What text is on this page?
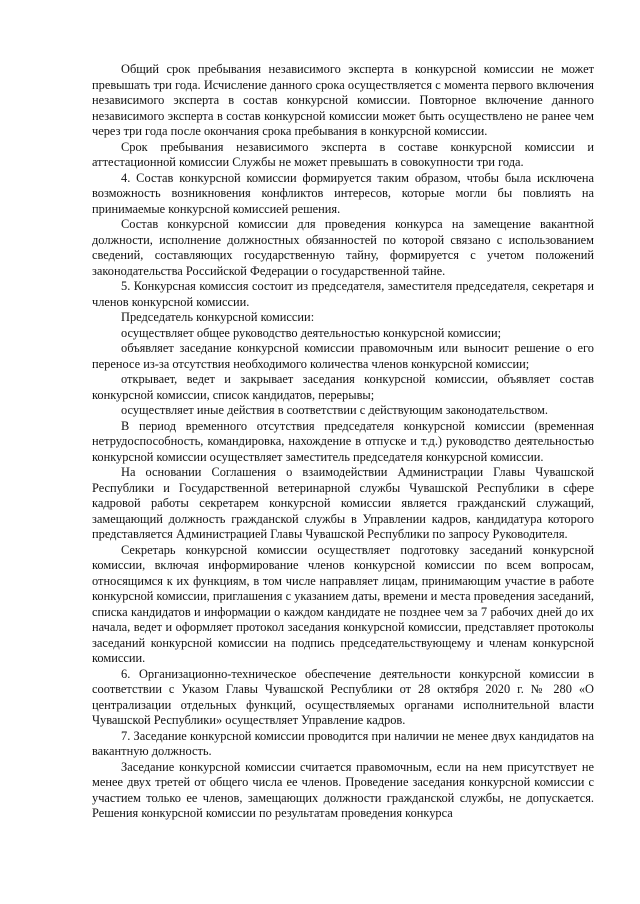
Общий срок пребывания независимого эксперта в конкурсной комиссии не может превышать три года. Исчисление данного срока осуществляется с момента первого включения независимого эксперта в состав конкурсной комиссии. Повторное включение данного независимого эксперта в состав конкурсной комиссии может быть осуществлено не ранее чем через три года после окончания срока пребывания в конкурсной комиссии.

Срок пребывания независимого эксперта в составе конкурсной комиссии и аттестационной комиссии Службы не может превышать в совокупности три года.

4. Состав конкурсной комиссии формируется таким образом, чтобы была исключена возможность возникновения конфликтов интересов, которые могли бы повлиять на принимаемые конкурсной комиссией решения.

Состав конкурсной комиссии для проведения конкурса на замещение вакантной должности, исполнение должностных обязанностей по которой связано с использованием сведений, составляющих государственную тайну, формируется с учетом положений законодательства Российской Федерации о государственной тайне.

5. Конкурсная комиссия состоит из председателя, заместителя председателя, секретаря и членов конкурсной комиссии.

Председатель конкурсной комиссии:

осуществляет общее руководство деятельностью конкурсной комиссии;

объявляет заседание конкурсной комиссии правомочным или выносит решение о его переносе из-за отсутствия необходимого количества членов конкурсной комиссии;

открывает, ведет и закрывает заседания конкурсной комиссии, объявляет состав конкурсной комиссии, список кандидатов, перерывы;

осуществляет иные действия в соответствии с действующим законодательством.

В период временного отсутствия председателя конкурсной комиссии (временная нетрудоспособность, командировка, нахождение в отпуске и т.д.) руководство деятельностью конкурсной комиссии осуществляет заместитель председателя конкурсной комиссии.

На основании Соглашения о взаимодействии Администрации Главы Чувашской Республики и Государственной ветеринарной службы Чувашской Республики в сфере кадровой работы секретарем конкурсной комиссии является гражданский служащий, замещающий должность гражданской службы в Управлении кадров, кандидатура которого представляется Администрацией Главы Чувашской Республики по запросу Руководителя.

Секретарь конкурсной комиссии осуществляет подготовку заседаний конкурсной комиссии, включая информирование членов конкурсной комиссии по всем вопросам, относящимся к их функциям, в том числе направляет лицам, принимающим участие в работе конкурсной комиссии, приглашения с указанием даты, времени и места проведения заседаний, списка кандидатов и информации о каждом кандидате не позднее чем за 7 рабочих дней до их начала, ведет и оформляет протокол заседания конкурсной комиссии, представляет протоколы заседаний конкурсной комиссии на подпись председательствующему и членам конкурсной комиссии.

6. Организационно-техническое обеспечение деятельности конкурсной комиссии в соответствии с Указом Главы Чувашской Республики от 28 октября 2020 г. № 280 «О централизации отдельных функций, осуществляемых органами исполнительной власти Чувашской Республики» осуществляет Управление кадров.

7. Заседание конкурсной комиссии проводится при наличии не менее двух кандидатов на вакантную должность.

Заседание конкурсной комиссии считается правомочным, если на нем присутствует не менее двух третей от общего числа ее членов. Проведение заседания конкурсной комиссии с участием только ее членов, замещающих должности гражданской службы, не допускается. Решения конкурсной комиссии по результатам проведения конкурса
